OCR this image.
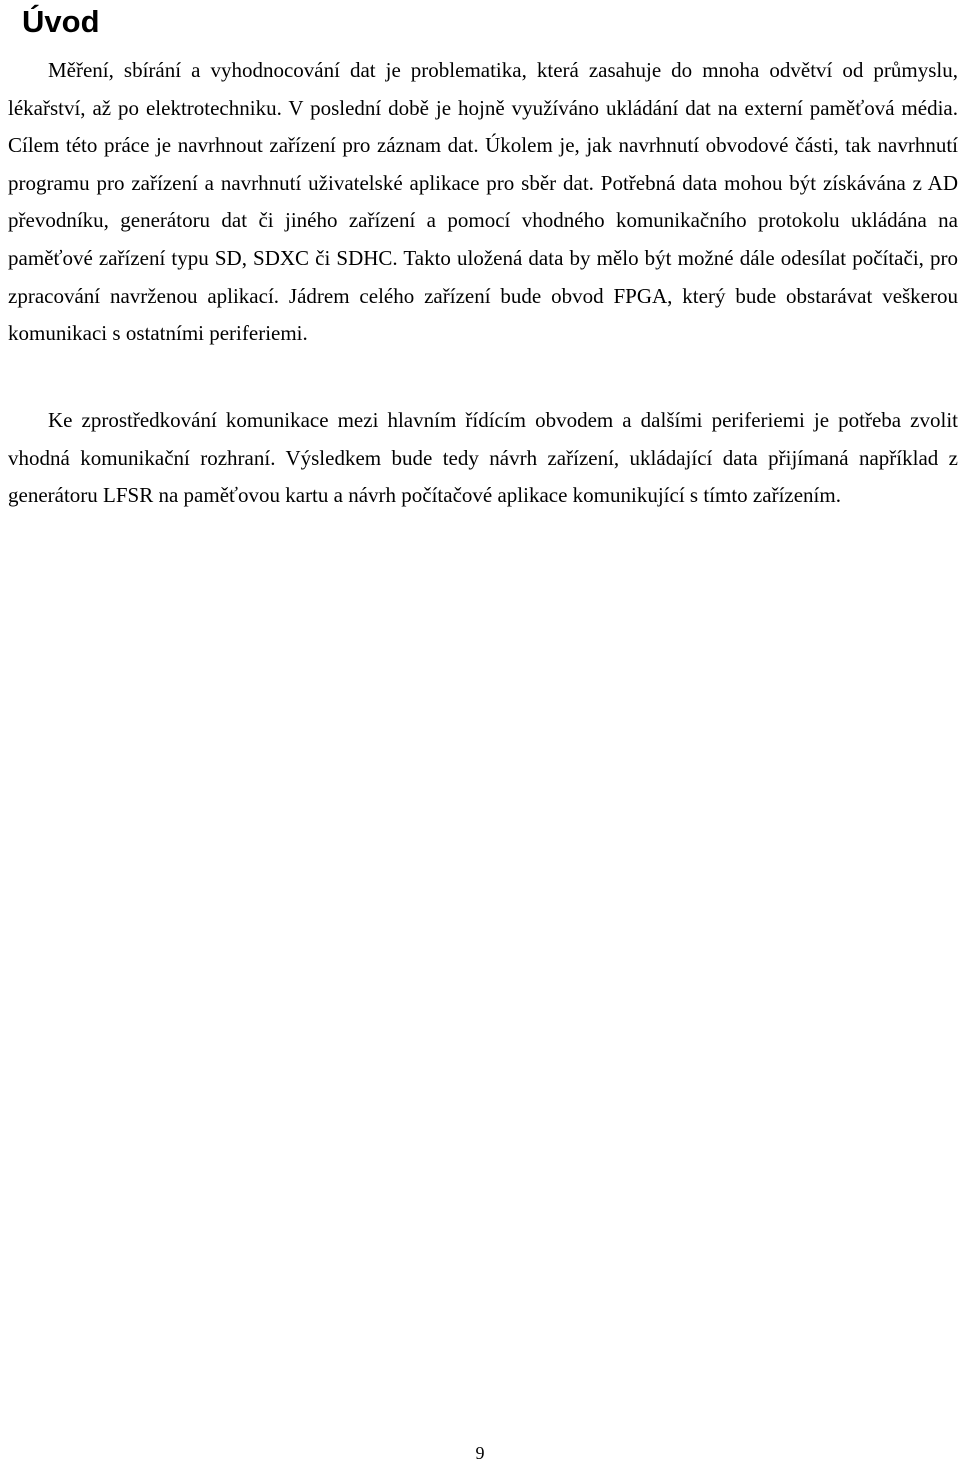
Úvod

Měření, sbírání a vyhodnocování dat je problematika, která zasahuje do mnoha odvětví od průmyslu, lékařství, až po elektrotechniku. V poslední době je hojně využíváno ukládání dat na externí paměťová média. Cílem této práce je navrhnout zařízení pro záznam dat. Úkolem je, jak navrhnutí obvodové části, tak navrhnutí programu pro zařízení a navrhnutí uživatelské aplikace pro sběr dat. Potřebná data mohou být získávána z AD převodníku, generátoru dat či jiného zařízení a pomocí vhodného komunikačního protokolu ukládána na paměťové zařízení typu SD, SDXC či SDHC. Takto uložená data by mělo být možné dále odesílat počítači, pro zpracování navrženou aplikací. Jádrem celého zařízení bude obvod FPGA, který bude obstarávat veškerou komunikaci s ostatními periferiemi.

Ke zprostředkování komunikace mezi hlavním řídícím obvodem a dalšími periferiemi je potřeba zvolit vhodná komunikační rozhraní. Výsledkem bude tedy návrh zařízení, ukládající data přijímaná například z generátoru LFSR na paměťovou kartu a návrh počítačové aplikace komunikující s tímto zařízením.

9
